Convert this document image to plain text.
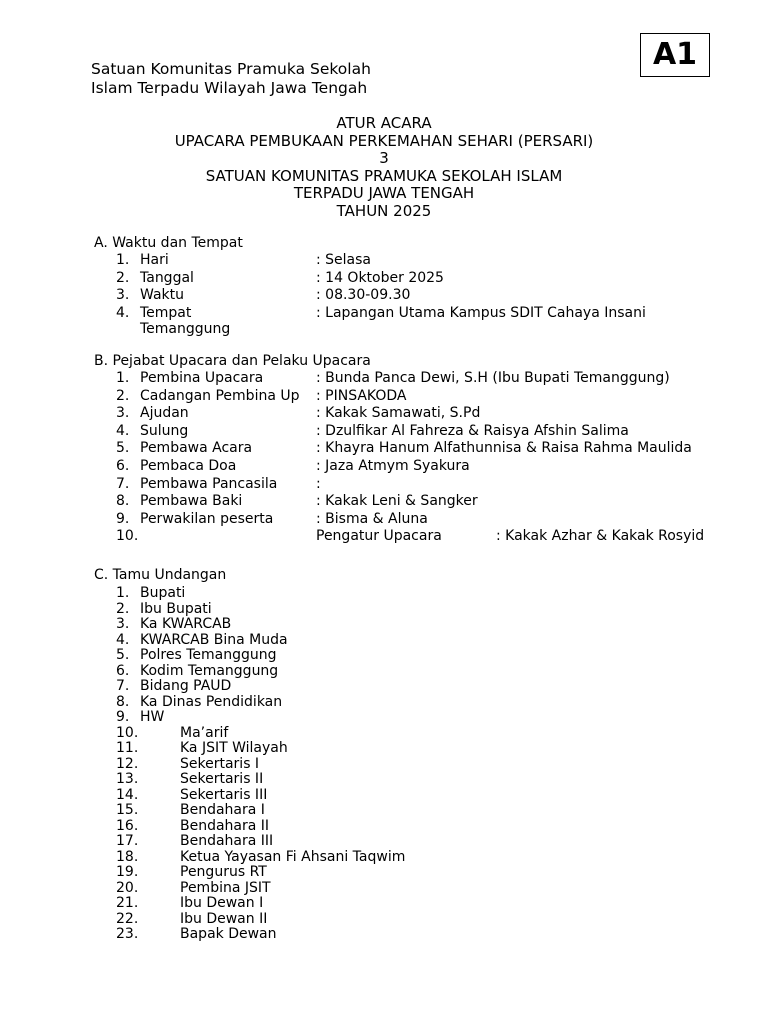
A1
Satuan Komunitas Pramuka Sekolah
Islam Terpadu Wilayah Jawa Tengah
ATUR ACARA
UPACARA PEMBUKAAN PERKEMAHAN SEHARI (PERSARI)
3
SATUAN KOMUNITAS PRAMUKA SEKOLAH ISLAM
TERPADU JAWA TENGAH
TAHUN 2025
A. Waktu dan Tempat
1. Hari	: Selasa
2. Tanggal	: 14 Oktober 2025
3. Waktu	: 08.30-09.30
4. Tempat	: Lapangan Utama Kampus SDIT Cahaya Insani
Temanggung
B. Pejabat Upacara dan Pelaku Upacara
1. Pembina Upacara	: Bunda Panca Dewi, S.H (Ibu Bupati Temanggung)
2. Cadangan Pembina Up : PINSAKODA
3. Ajudan	: Kakak Samawati, S.Pd
4. Sulung	: Dzulfikar Al Fahreza & Raisya Afshin Salima
5. Pembawa Acara	: Khayra Hanum Alfathunnisa & Raisa Rahma Maulida
6. Pembaca Doa	: Jaza Atmym Syakura
7. Pembawa Pancasila	:
8. Pembawa Baki	: Kakak Leni & Sangker
9. Perwakilan peserta	: Bisma & Aluna
10.	Pengatur Upacara	: Kakak Azhar & Kakak Rosyid
C. Tamu Undangan
1. Bupati
2. Ibu Bupati
3. Ka KWARCAB
4. KWARCAB Bina Muda
5. Polres Temanggung
6. Kodim Temanggung
7. Bidang PAUD
8. Ka Dinas Pendidikan
9. HW
10.	Ma’arif
11.	Ka JSIT Wilayah
12.	Sekertaris I
13.	Sekertaris II
14.	Sekertaris III
15.	Bendahara I
16.	Bendahara II
17.	Bendahara III
18.	Ketua Yayasan Fi Ahsani Taqwim
19.	Pengurus RT
20.	Pembina JSIT
21.	Ibu Dewan I
22.	Ibu Dewan II
23.	Bapak Dewan
